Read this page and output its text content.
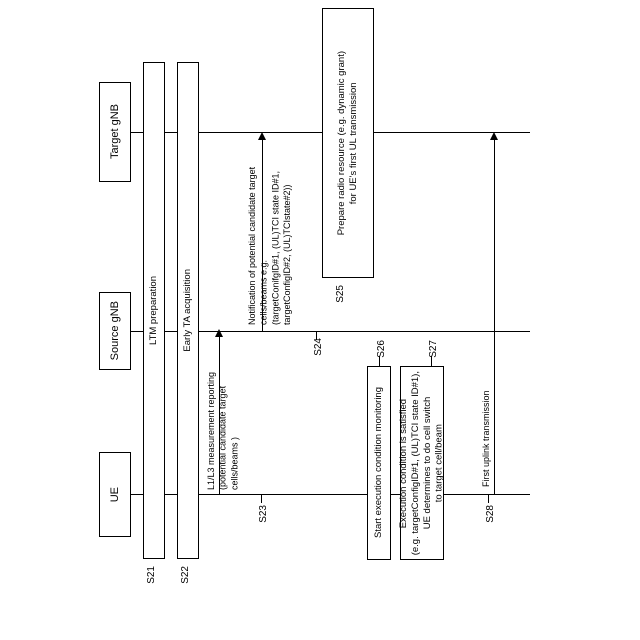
Target gNB
Source gNB
UE
LTM preparation
S21
Early TA acquisition
S22
Prepare radio resource (e.g. dynamic grant)
for UE's first UL transmission
S25
Start execution condition monitoring
S26
Execution condition is satisfied
(e.g. targetConfigID#1, (UL)TCI state ID#1),
UE determines to do cell switch
to target cell/beam
S27
L1/L3 measurement reporting
(potential candidate target cells/beams )
S23
Notification of potential candidate target
cells/beams e.g.
(targetConifgID#1, (UL)TCI state ID#1,
targetConfigID#2, (UL)TCIstate#2))
S24
First uplink transmission
S28
